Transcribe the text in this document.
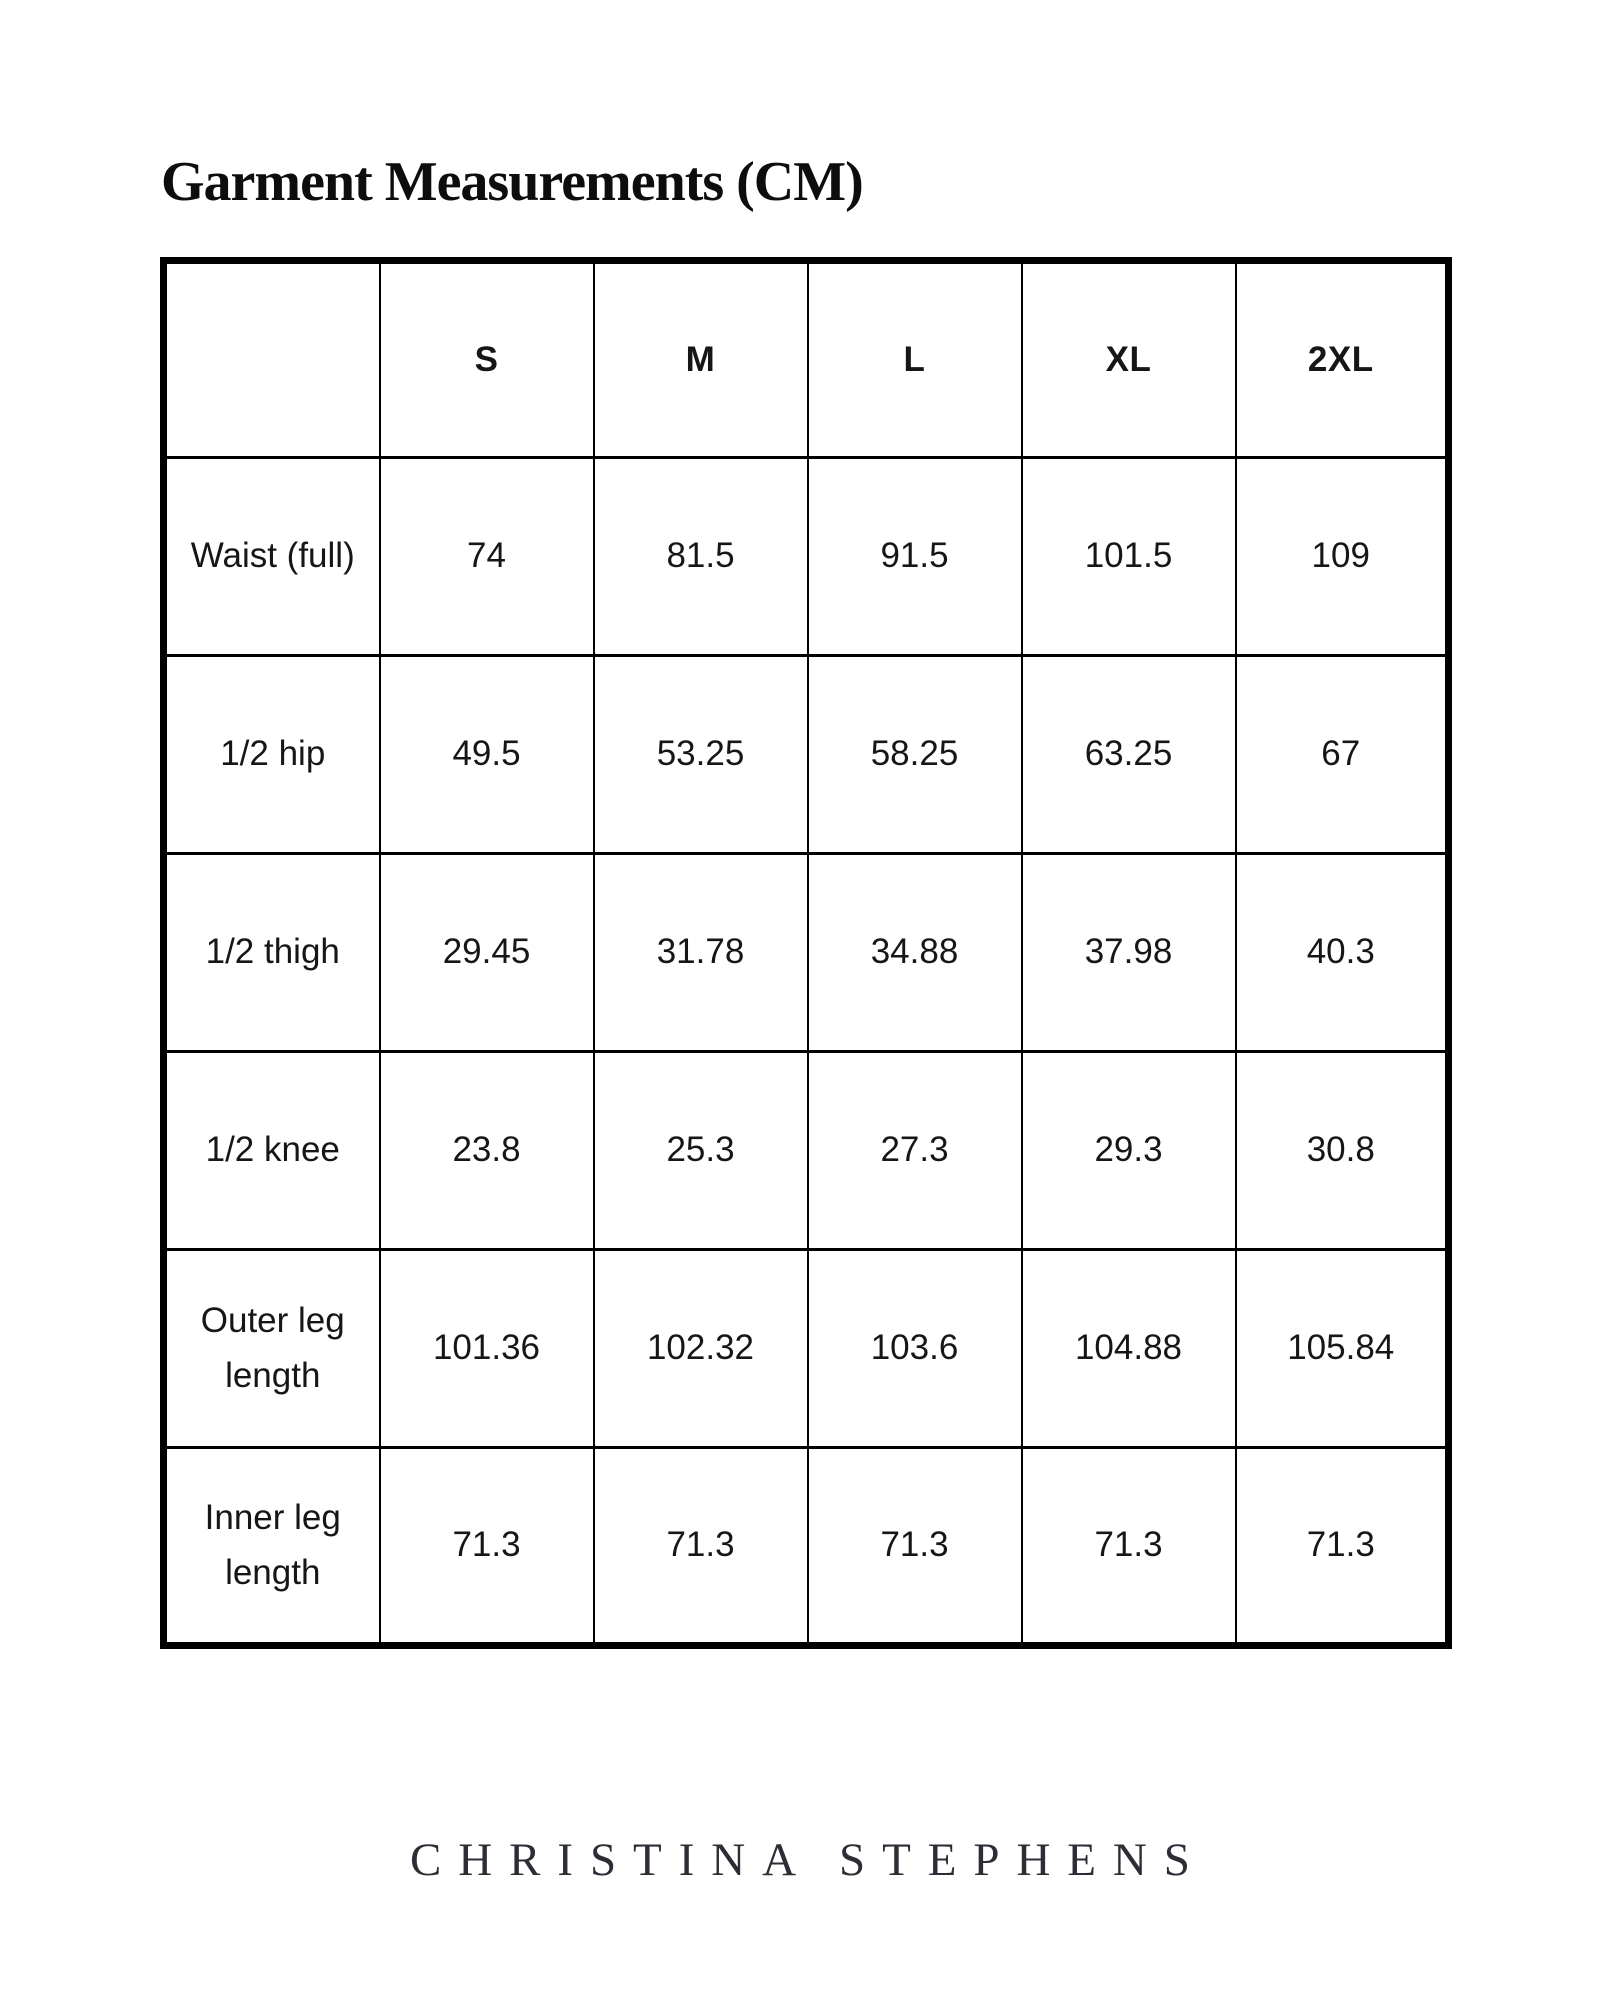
Garment Measurements (CM)
	S	M	L	XL	2XL
Waist (full)	74	81.5	91.5	101.5	109
1/2 hip	49.5	53.25	58.25	63.25	67
1/2 thigh	29.45	31.78	34.88	37.98	40.3
1/2 knee	23.8	25.3	27.3	29.3	30.8
Outer leg length	101.36	102.32	103.6	104.88	105.84
Inner leg length	71.3	71.3	71.3	71.3	71.3
CHRISTINA STEPHENS
